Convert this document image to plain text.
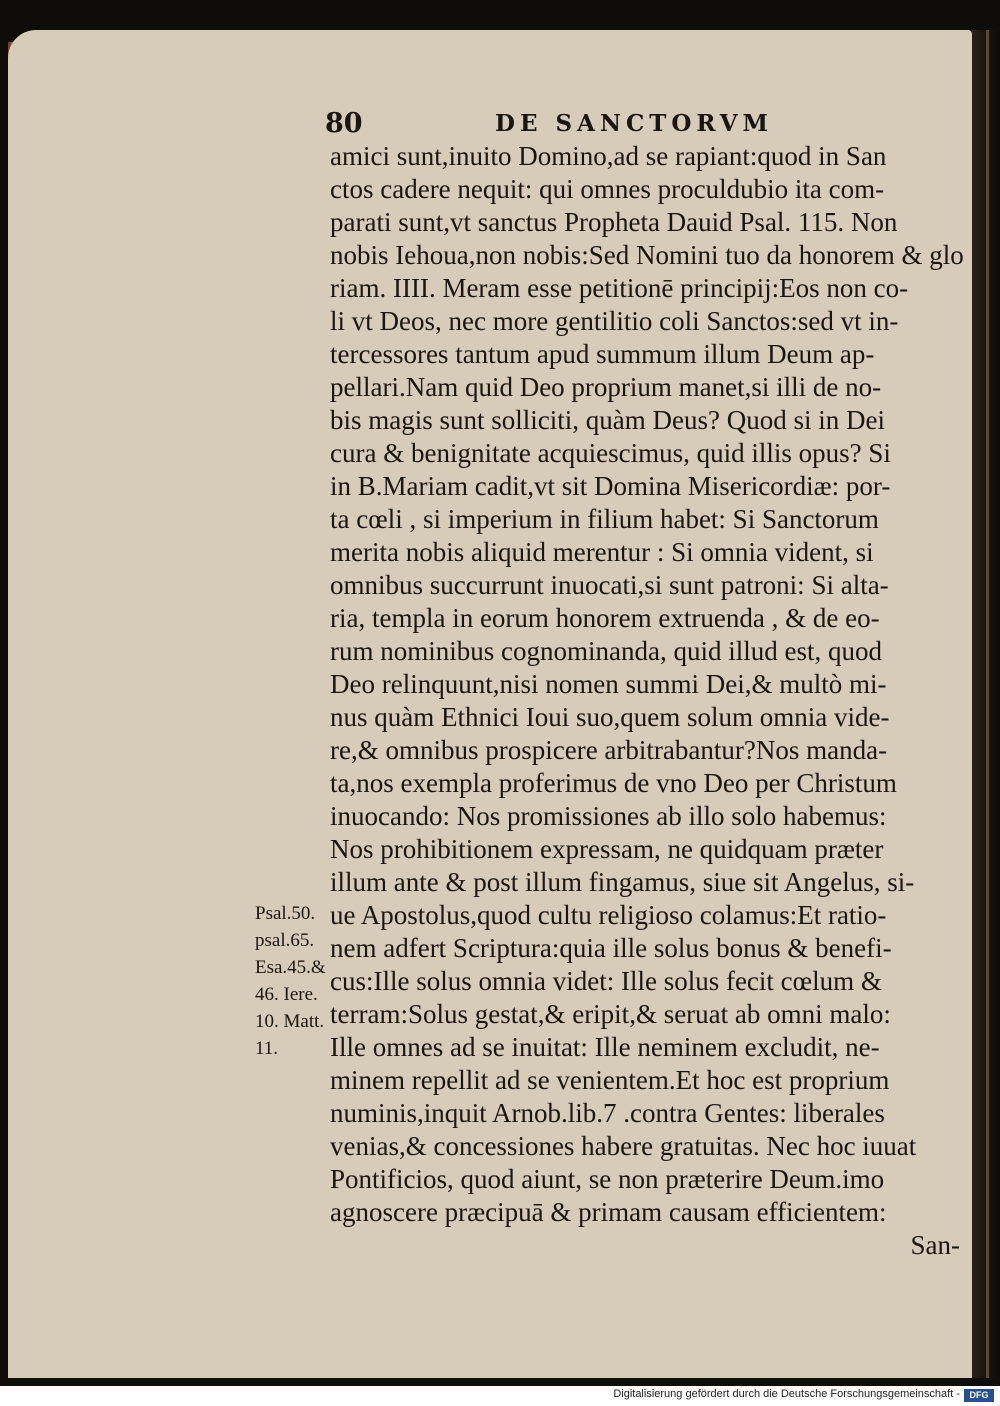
80	DE SANCTORVM
amici sunt,inuito Domino,ad se rapiant:quod in San
ctos cadere nequit: qui omnes proculdubio ita com-
parati sunt,vt sanctus Propheta Dauid Psal. 115. Non
nobis Iehoua,non nobis:Sed Nomini tuo da honorem & glo
riam. IIII. Meram esse petitionē principij:Eos non co-
li vt Deos, nec more gentilitio coli Sanctos:sed vt in-
tercessores tantum apud summum illum Deum ap-
pellari.Nam quid Deo proprium manet,si illi de no-
bis magis sunt solliciti, quàm Deus? Quod si in Dei
cura & benignitate acquiescimus, quid illis opus? Si
in B.Mariam cadit,vt sit Domina Misericordiæ: por-
ta cœli , si imperium in filium habet: Si Sanctorum
merita nobis aliquid merentur : Si omnia vident, si
omnibus succurrunt inuocati,si sunt patroni: Si alta-
ria, templa in eorum honorem extruenda , & de eo-
rum nominibus cognominanda, quid illud est, quod
Deo relinquunt,nisi nomen summi Dei,& multò mi-
nus quàm Ethnici Ioui suo,quem solum omnia vide-
re,& omnibus prospicere arbitrabantur?Nos manda-
ta,nos exempla proferimus de vno Deo per Christum
inuocando: Nos promissiones ab illo solo habemus:
Nos prohibitionem expressam, ne quidquam præter
illum ante & post illum fingamus, siue sit Angelus, si-
ue Apostolus,quod cultu religioso colamus:Et ratio-
nem adfert Scriptura:quia ille solus bonus & benefi-
cus:Ille solus omnia videt: Ille solus fecit cœlum &
terram:Solus gestat,& eripit,& seruat ab omni malo:
Ille omnes ad se inuitat: Ille neminem excludit, ne-
minem repellit ad se venientem.Et hoc est proprium
numinis,inquit Arnob.lib.7 .contra Gentes: liberales
venias,& concessiones habere gratuitas. Nec hoc iuuat
Pontificios, quod aiunt, se non præterire Deum.imo
agnoscere præcipuā & primam causam efficientem:
San-
Psal.50.
psal.65.
Esa.45.&
46. Iere.
10. Matt.
11.
Digitalisierung gefördert durch die Deutsche Forschungsgemeinschaft -	DFG
